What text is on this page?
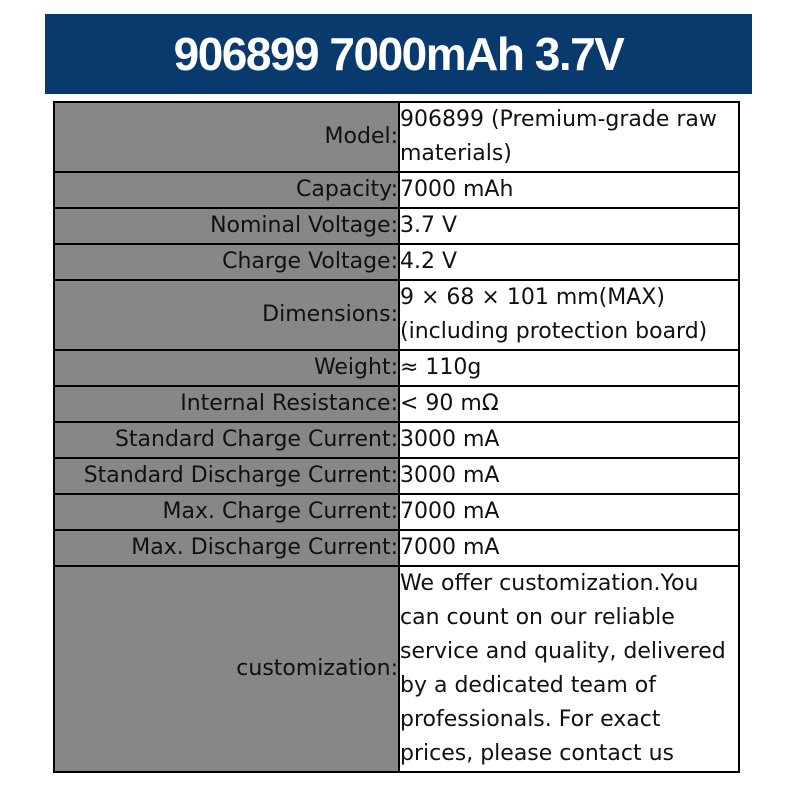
906899 7000mAh 3.7V
Model:	906899 (Premium-grade raw materials)
Capacity:	7000 mAh
Nominal Voltage:	3.7 V
Charge Voltage:	4.2 V
Dimensions:	9 × 68 × 101 mm(MAX) (including protection board)
Weight:	≈ 110g
Internal Resistance:	< 90 mΩ
Standard Charge Current:	3000 mA
Standard Discharge Current:	3000 mA
Max. Charge Current:	7000 mA
Max. Discharge Current:	7000 mA
customization:	We offer customization.You can count on our reliable service and quality, delivered by a dedicated team of professionals. For exact prices, please contact us
